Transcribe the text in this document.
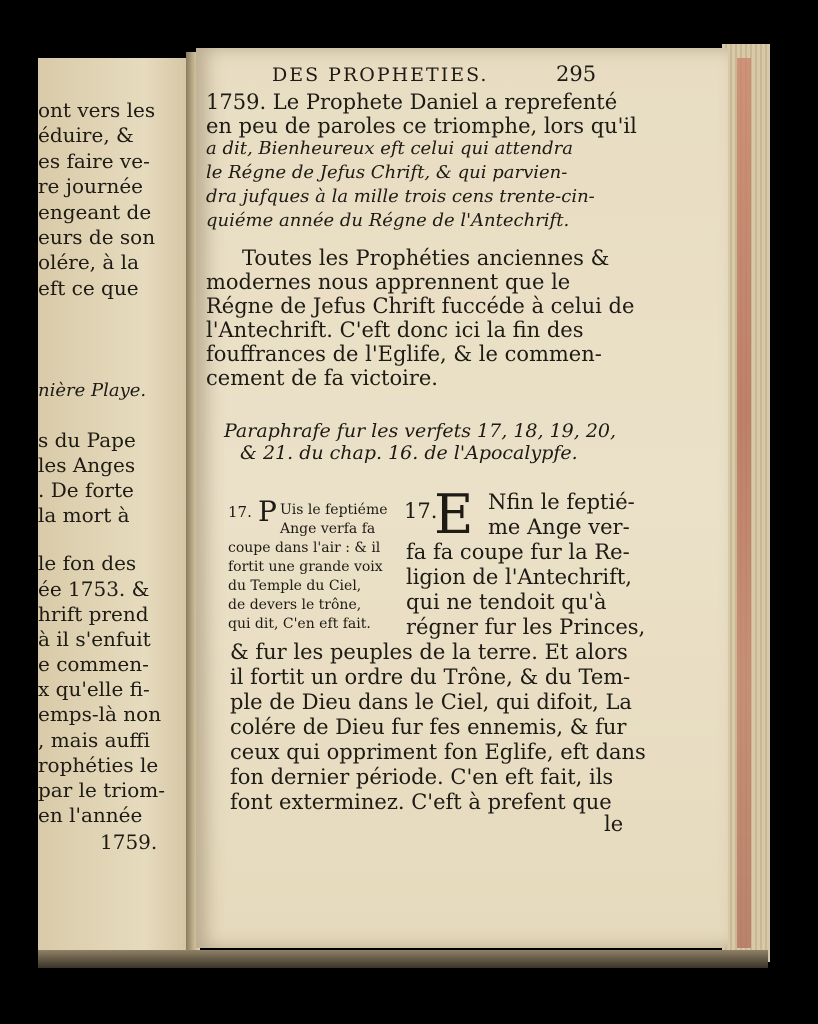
ont vers les
éduire, &
es faire ve-
re journée
engeant de
eurs de son
olére, à la
eft ce que
nière Playe.
s du Pape
les Anges
. De forte
la mort à
le fon des
ée 1753. &
hrift prend
à il s'enfuit
e commen-
x qu'elle fi-
emps-là non
, mais auffi
rophéties le
par le triom-
en l'année
1759.
DES PROPHETIES.	295
1759. Le Prophete Daniel a reprefenté
en peu de paroles ce triomphe, lors qu'il
a dit, Bienheureux eft celui qui attendra
le Régne de Jefus Chrift, & qui parvien-
dra jufques à la mille trois cens trente-cin-
quiéme année du Régne de l'Antechrift.
Toutes les Prophéties anciennes &
modernes nous apprennent que le
Régne de Jefus Chrift fuccéde à celui de
l'Antechrift. C'eft donc ici la fin des
fouffrances de l'Eglife, & le commen-
cement de fa victoire.
Paraphrafe fur les verfets 17, 18, 19, 20,
& 21. du chap. 16. de l'Apocalypfe.
Uis le feptiéme
Ange verfa fa
coupe dans l'air : & il
fortit une grande voix
du Temple du Ciel,
de devers le trône,
qui dit, C'en eft fait.
Nfin le feptié-
me Ange ver-
fa fa coupe fur la Re-
ligion de l'Antechrift,
qui ne tendoit qu'à
régner fur les Princes,
& fur les peuples de la terre. Et alors
il fortit un ordre du Trône, & du Tem-
ple de Dieu dans le Ciel, qui difoit, La
colére de Dieu fur fes ennemis, & fur
ceux qui oppriment fon Eglife, eft dans
fon dernier période. C'en eft fait, ils
font exterminez. C'eft à prefent que
17. P	17.
E
le
